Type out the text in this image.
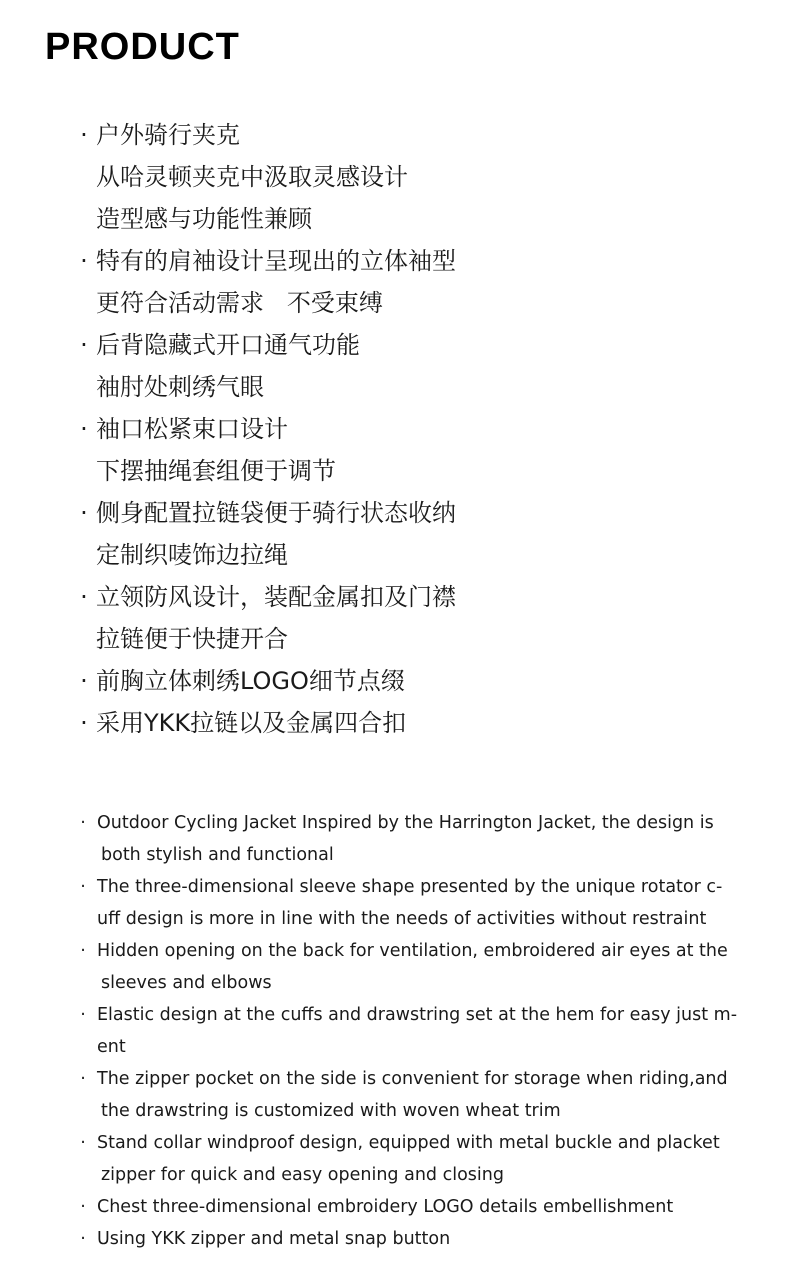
PRODUCT
· 户外骑行夹克
从哈灵顿夹克中汲取灵感设计
造型感与功能性兼顾
· 特有的肩袖设计呈现出的立体袖型
更符合活动需求   不受束缚
· 后背隐藏式开口通气功能
袖肘处刺绣气眼
· 袖口松紧束口设计
下摆抽绳套组便于调节
· 侧身配置拉链袋便于骑行状态收纳
定制织唛饰边拉绳
· 立领防风设计，装配金属扣及门襟
拉链便于快捷开合
· 前胸立体刺绣LOGO细节点缀
· 采用YKK拉链以及金属四合扣
· Outdoor Cycling Jacket Inspired by the Harrington Jacket, the design is
both stylish and functional
· The three-dimensional sleeve shape presented by the unique rotator c-
uff design is more in line with the needs of activities without restraint
· Hidden opening on the back for ventilation, embroidered air eyes at the
sleeves and elbows
· Elastic design at the cuffs and drawstring set at the hem for easy just m-
ent
· The zipper pocket on the side is convenient for storage when riding,and
the drawstring is customized with woven wheat trim
· Stand collar windproof design, equipped with metal buckle and placket
zipper for quick and easy opening and closing
· Chest three-dimensional embroidery LOGO details embellishment
· Using YKK zipper and metal snap button
